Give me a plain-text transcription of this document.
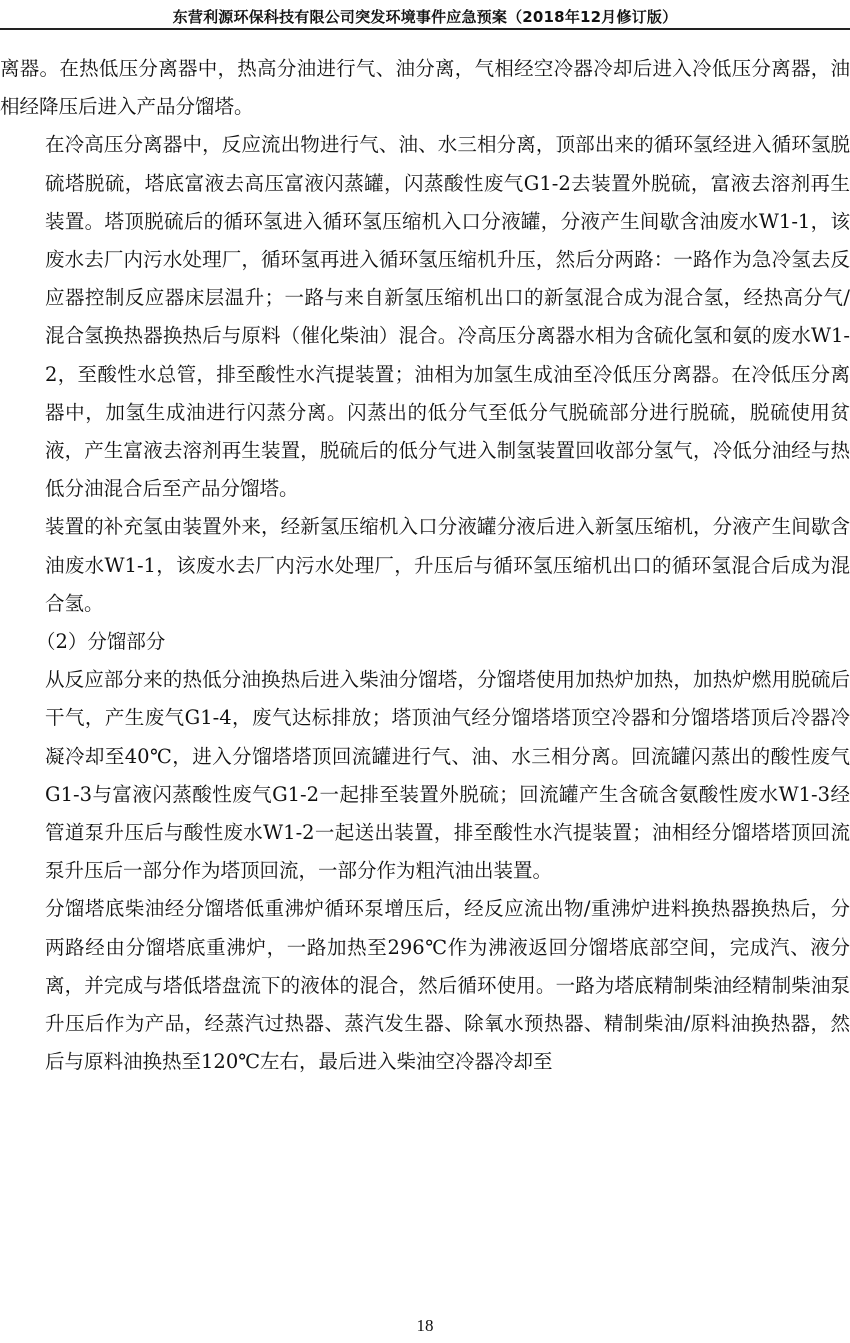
东营利源环保科技有限公司突发环境事件应急预案（2018年12月修订版）

离器。在热低压分离器中，热高分油进行气、油分离，气相经空冷器冷却后进入冷低压分离器，油相经降压后进入产品分馏塔。

在冷高压分离器中，反应流出物进行气、油、水三相分离，顶部出来的循环氢经进入循环氢脱硫塔脱硫，塔底富液去高压富液闪蒸罐，闪蒸酸性废气G1-2去装置外脱硫，富液去溶剂再生装置。塔顶脱硫后的循环氢进入循环氢压缩机入口分液罐，分液产生间歇含油废水W1-1，该废水去厂内污水处理厂，循环氢再进入循环氢压缩机升压，然后分两路：一路作为急冷氢去反应器控制反应器床层温升；一路与来自新氢压缩机出口的新氢混合成为混合氢，经热高分气/混合氢换热器换热后与原料（催化柴油）混合。冷高压分离器水相为含硫化氢和氨的废水W1-2，至酸性水总管，排至酸性水汽提装置；油相为加氢生成油至冷低压分离器。在冷低压分离器中，加氢生成油进行闪蒸分离。闪蒸出的低分气至低分气脱硫部分进行脱硫，脱硫使用贫液，产生富液去溶剂再生装置，脱硫后的低分气进入制氢装置回收部分氢气，冷低分油经与热低分油混合后至产品分馏塔。

装置的补充氢由装置外来，经新氢压缩机入口分液罐分液后进入新氢压缩机，分液产生间歇含油废水W1-1，该废水去厂内污水处理厂，升压后与循环氢压缩机出口的循环氢混合后成为混合氢。

（2）分馏部分

从反应部分来的热低分油换热后进入柴油分馏塔，分馏塔使用加热炉加热，加热炉燃用脱硫后干气，产生废气G1-4，废气达标排放；塔顶油气经分馏塔塔顶空冷器和分馏塔塔顶后冷器冷凝冷却至40℃，进入分馏塔塔顶回流罐进行气、油、水三相分离。回流罐闪蒸出的酸性废气G1-3与富液闪蒸酸性废气G1-2一起排至装置外脱硫；回流罐产生含硫含氨酸性废水W1-3经管道泵升压后与酸性废水W1-2一起送出装置，排至酸性水汽提装置；油相经分馏塔塔顶回流泵升压后一部分作为塔顶回流，一部分作为粗汽油出装置。

分馏塔底柴油经分馏塔低重沸炉循环泵增压后，经反应流出物/重沸炉进料换热器换热后，分两路经由分馏塔底重沸炉，一路加热至296℃作为沸液返回分馏塔底部空间，完成汽、液分离，并完成与塔低塔盘流下的液体的混合，然后循环使用。一路为塔底精制柴油经精制柴油泵升压后作为产品，经蒸汽过热器、蒸汽发生器、除氧水预热器、精制柴油/原料油换热器，然后与原料油换热至120℃左右，最后进入柴油空冷器冷却至

18
